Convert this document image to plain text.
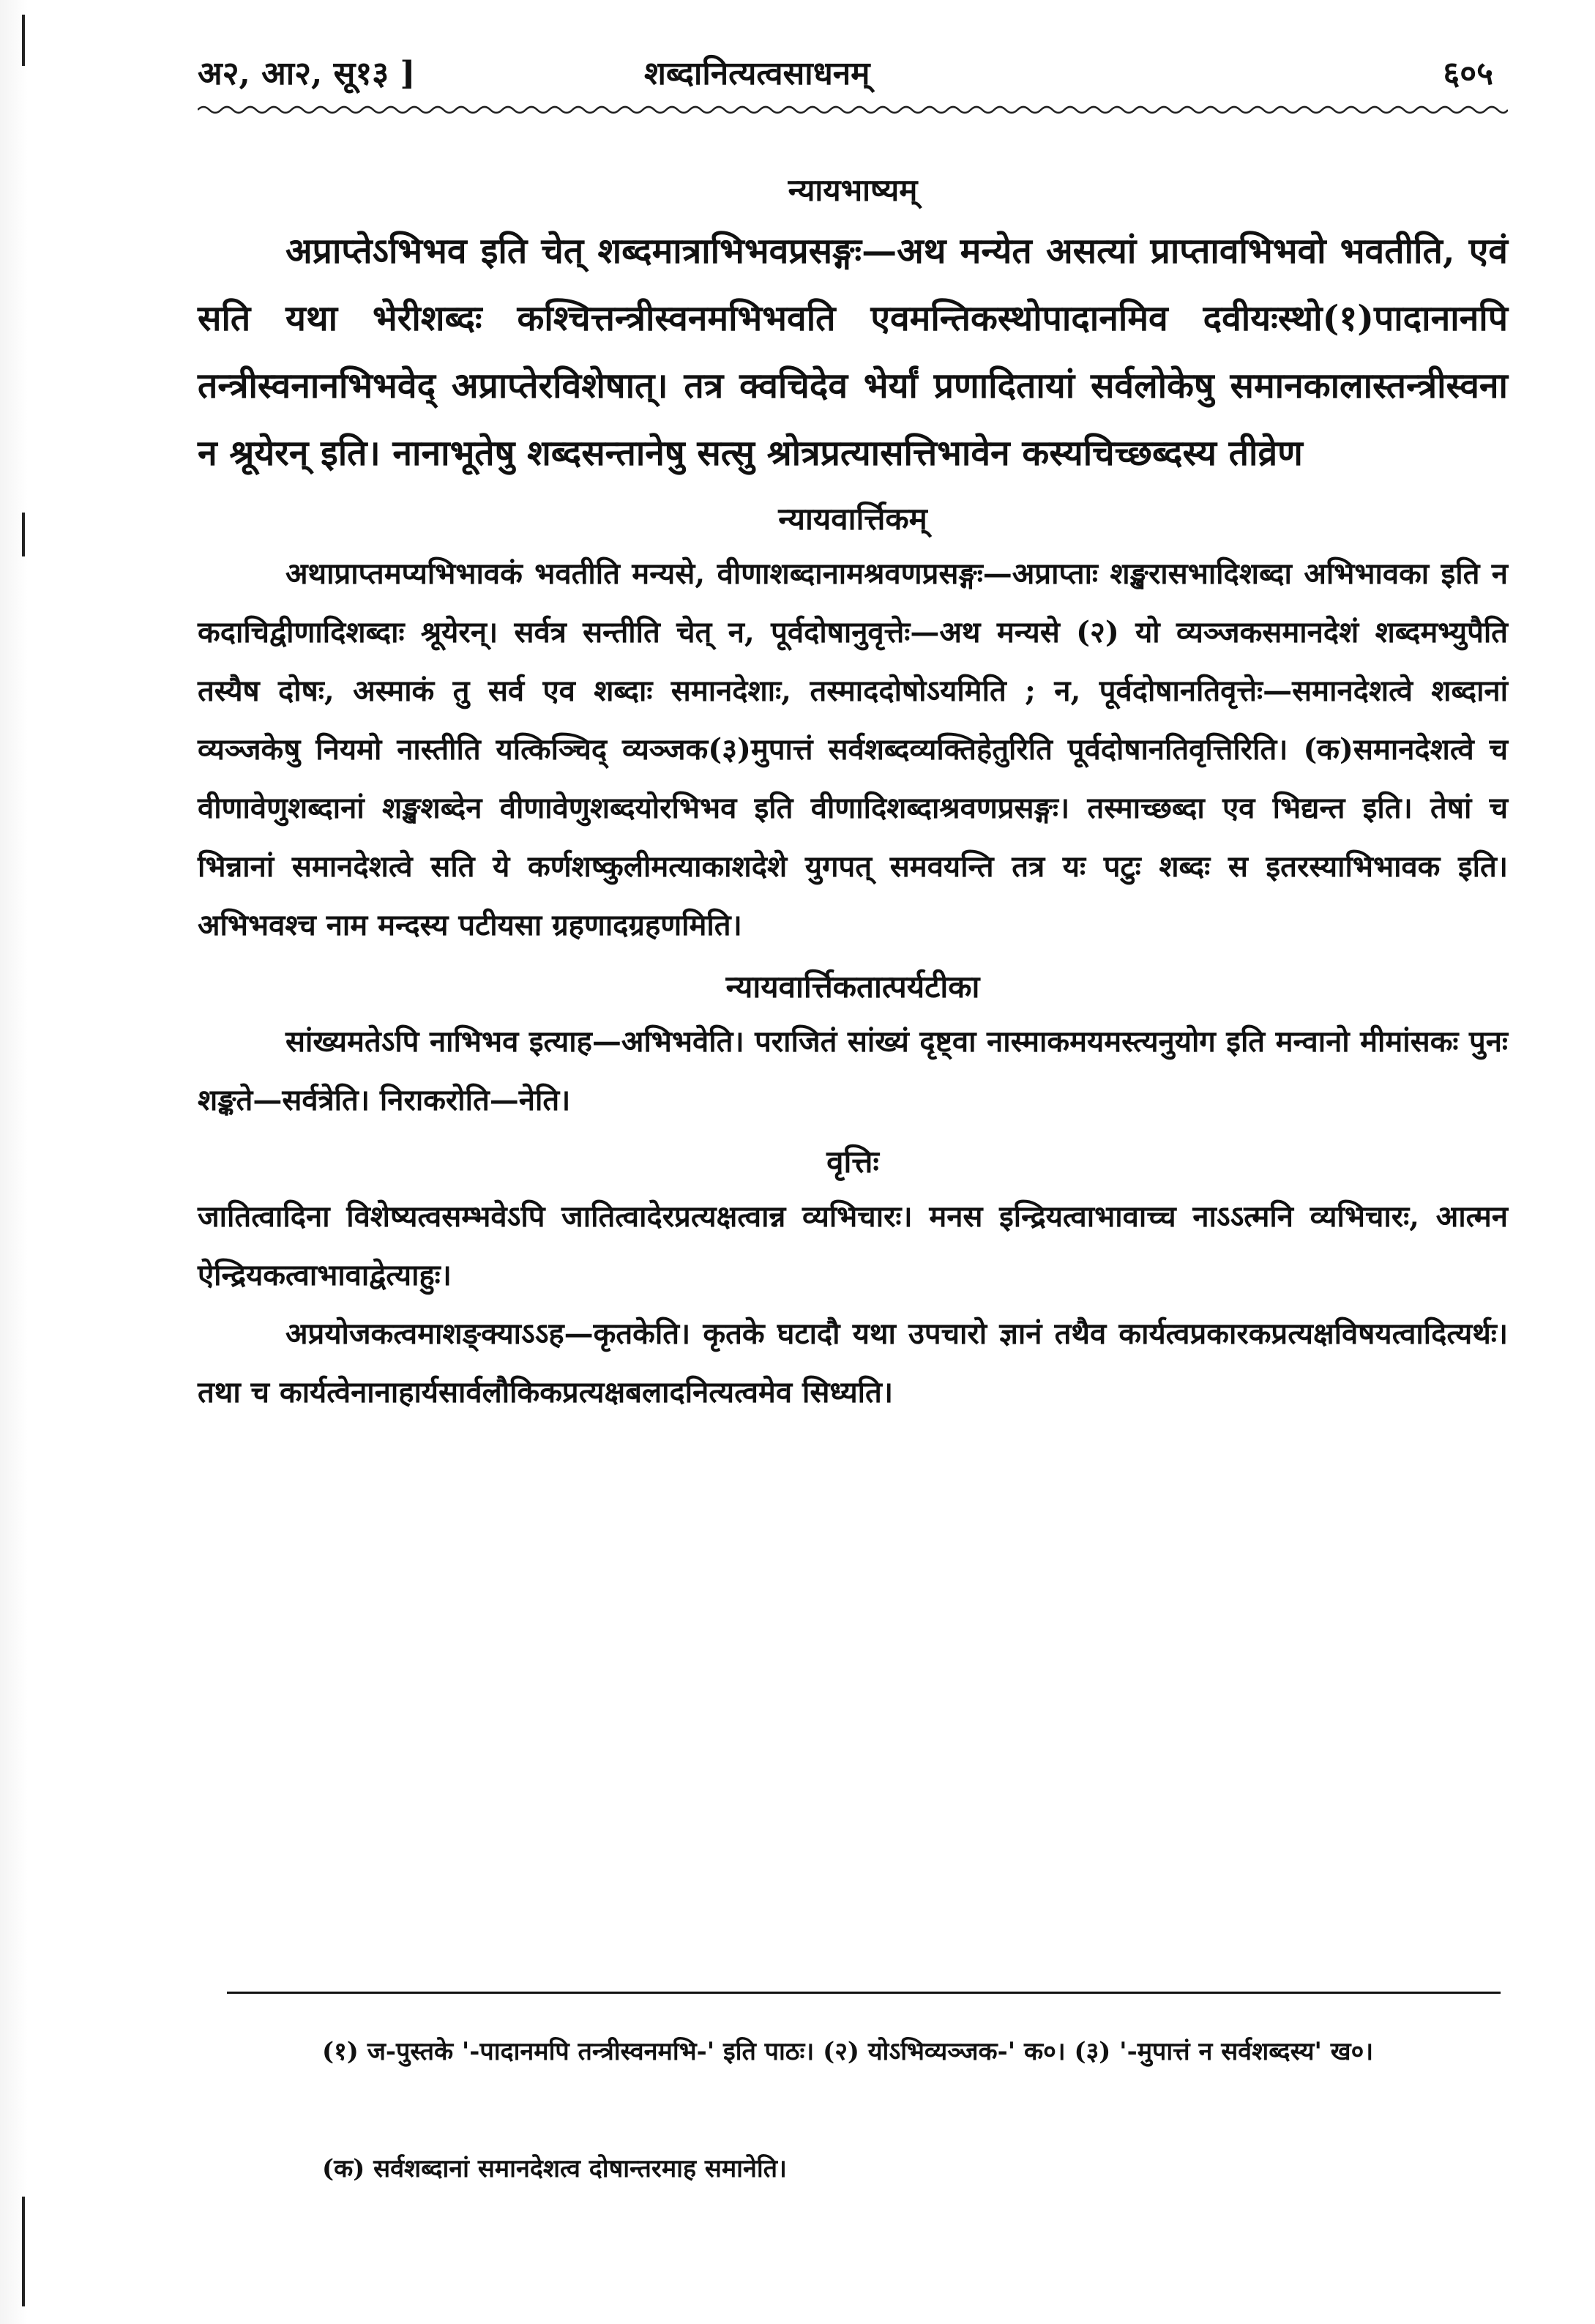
अ२, आ२, सू१३ ]	शब्दानित्यत्वसाधनम्	६०५
न्यायभाष्यम्

अप्राप्तेऽभिभव इति चेत् शब्दमात्राभिभवप्रसङ्गः—अथ मन्येत असत्यां प्राप्तावभिभवो भवतीति, एवं सति यथा भेरीशब्दः कश्चित्तन्त्रीस्वनमभिभवति एवमन्तिकस्थोपादानमिव दवीयःस्थो(१)पादानानपि तन्त्रीस्वनानभिभवेद् अप्राप्तेरविशेषात्। तत्र क्वचिदेव भेर्यां प्रणादितायां सर्वलोकेषु समानकालास्तन्त्रीस्वना न श्रूयेरन् इति। नानाभूतेषु शब्दसन्तानेषु सत्सु श्रोत्रप्रत्यासत्तिभावेन कस्यचिच्छब्दस्य तीव्रेण

न्यायवार्त्तिकम्

अथाप्राप्तमप्यभिभावकं भवतीति मन्यसे, वीणाशब्दानामश्रवणप्रसङ्गः—अप्राप्ताः शङ्खरासभादिशब्दा अभिभावका इति न कदाचिद्वीणादिशब्दाः श्रूयेरन्। सर्वत्र सन्तीति चेत् न, पूर्वदोषानुवृत्तेः—अथ मन्यसे (२) यो व्यञ्जकसमानदेशं शब्दमभ्युपैति तस्यैष दोषः, अस्माकं तु सर्व एव शब्दाः समानदेशाः, तस्माददोषोऽयमिति ; न, पूर्वदोषानतिवृत्तेः—समानदेशत्वे शब्दानां व्यञ्जकेषु नियमो नास्तीति यत्किञ्चिद् व्यञ्जक(३)मुपात्तं सर्वशब्दव्यक्तिहेतुरिति पूर्वदोषानतिवृत्तिरिति। (क)समानदेशत्वे च वीणावेणुशब्दानां शङ्खशब्देन वीणावेणुशब्दयोरभिभव इति वीणादिशब्दाश्रवणप्रसङ्गः। तस्माच्छब्दा एव भिद्यन्त इति। तेषां च भिन्नानां समानदेशत्वे सति ये कर्णशष्कुलीमत्याकाशदेशे युगपत् समवयन्ति तत्र यः पटुः शब्दः स इतरस्याभिभावक इति। अभिभवश्च नाम मन्दस्य पटीयसा ग्रहणादग्रहणमिति।

न्यायवार्त्तिकतात्पर्यटीका

सांख्यमतेऽपि नाभिभव इत्याह—अभिभवेति। पराजितं सांख्यं दृष्ट्वा नास्माकमयमस्त्यनुयोग इति मन्वानो मीमांसकः पुनः शङ्कते—सर्वत्रेति। निराकरोति—नेति।

वृत्तिः

जातित्वादिना विशेष्यत्वसम्भवेऽपि जातित्वादेरप्रत्यक्षत्वान्न व्यभिचारः। मनस इन्द्रियत्वाभावाच्च नाऽऽत्मनि व्यभिचारः, आत्मन ऐन्द्रियकत्वाभावाद्वेत्याहुः।

अप्रयोजकत्वमाशङ्क्याऽऽह—कृतकेति। कृतके घटादौ यथा उपचारो ज्ञानं तथैव कार्यत्वप्रकारकप्रत्यक्षविषयत्वादित्यर्थः। तथा च कार्यत्वेनानाहार्यसार्वलौकिकप्रत्यक्षबलादनित्यत्वमेव सिध्यति।

(१) ज-पुस्तके '-पादानमपि तन्त्रीस्वनमभि-' इति पाठः। (२) योऽभिव्यञ्जक-' क०। (३) '-मुपात्तं न सर्वशब्दस्य' ख०।
(क) सर्वशब्दानां समानदेशत्व दोषान्तरमाह समानेति।
